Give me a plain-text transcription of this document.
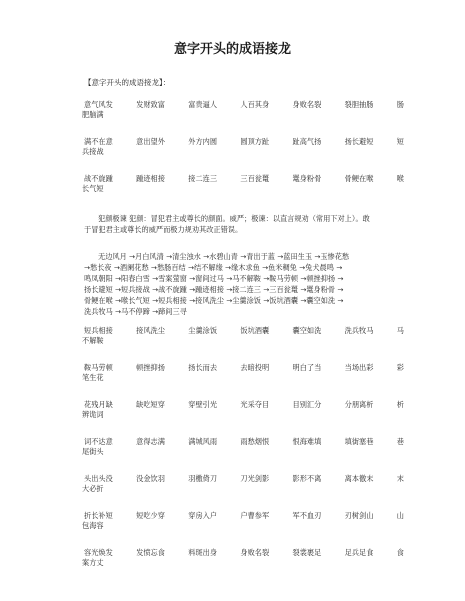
意字开头的成语接龙
【意字开头的成语接龙】：
意气风发	发财致富	富贵逼人	人百其身	身败名裂	裂胆抽肠	肠
肥脑满
满不在意	意出望外	外方内圆	圆顶方趾	趾高气扬	扬长避短	短
兵接战
战不旋踵	踵迹相接	接二连三	三百瓮鼍	鼍身粉骨	骨鲠在喉	喉
长气短
犯颜极谏 犯颜：冒犯君主或尊长的颜面。威严；极谏：以直言规劝（常用下对上）。敢
于冒犯君主或尊长的威严而极力规劝其改正错误。
无边风月 →月白风清 →清尘浊水 →水碧山青 →青出于蓝 →蓝田生玉 →玉惨花愁
→愁长夜 →酒阑花愁 →愁肠百结 →结不解缘 →缘木求鱼 →鱼米稠兔 →兔犬晨鸣 →
鸣凤朝阳 →阳春白雪 →雪案萤窗 →窗间过马 →马不解鞍 →鞍马劳顿 →顿挫抑扬 →
扬长避短 →短兵接战 →战不旋踵 →踵迹相接 →接二连三 →三百瓮鼍 →鼍身粉骨 →
骨鲠在喉 →喉长气短 →短兵相接 →接风洗尘 →尘羹涂饭 →饭坑酒囊 →囊空如洗 →
洗兵牧马 →马不停蹄 →蹄间三寻
短兵相接	接风洗尘	尘羹涂饭	饭坑酒囊	囊空如洗	洗兵牧马	马
不解鞍
鞍马劳顿	顿挫抑扬	扬长而去	去暗投明	明白了当	当场出彩	彩
笔生花
花残月缺	缺吃短穿	穿壁引光	光采夺目	目别汇分	分朋离析	析
辨诡词
词不达意	意得志满	满城风雨	雨愁烟恨	恨海难填	填街塞巷	巷
尾街头
头出头没	没金饮羽	羽檄倚刀	刀光剑影	影形不离	离本徼末	末
大必折
折长补短	短吃少穿	穿房入户	户曹参军	军不血刃	刃树剑山	山
包海容
容光焕发	发愤忘食	料斑出身	身败名裂	裂裳裹足	足兵足食	食
案方丈
